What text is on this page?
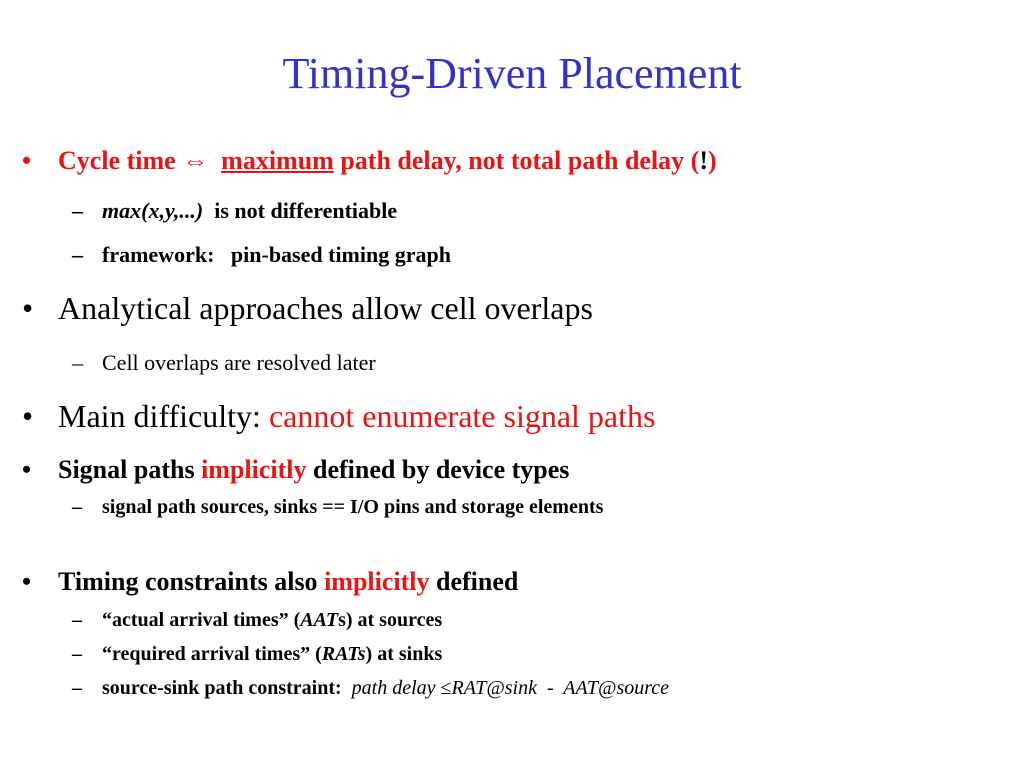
Timing-Driven Placement
•	Cycle time
⇔
maximum
path delay, not total path delay ( ! )
– max(x,y,...)
is not differentiable
– framework:
pin-based timing graph
• Analytical approaches allow cell overlaps
– Cell overlaps are resolved later
• Main difficulty:
cannot enumerate signal paths
•	Signal paths
implicitly
defined by device types
–	signal path sources, sinks == I/O pins and storage elements
•	Timing constraints also
implicitly
defined
–	“actual arrival times” ( AAT s) at sources
–	“required arrival times” ( RATs ) at sinks
–	source-sink path constraint:
path delay
≤ RAT@sink  -  AAT@source
